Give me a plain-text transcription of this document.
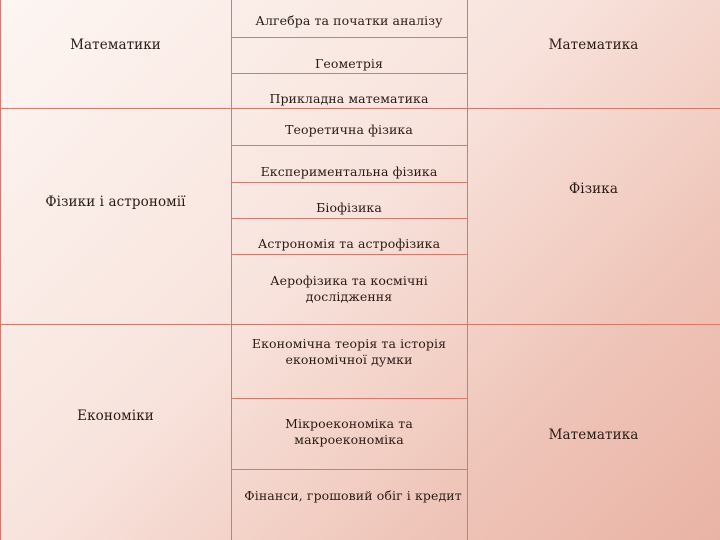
Математики
Алгебра та початки аналізу
Геометрія
Прикладна математика
Математика
Фізики і астрономії
Теоретична фізика
Експериментальна фізика
Біофізика
Астрономія та астрофізика
Аерофізика та космічні дослідження
Фізика
Економіки
Економічна теорія та історія економічної думки
Мікроекономіка та макроекономіка
Фінанси, грошовий обіг і кредит
Математика
